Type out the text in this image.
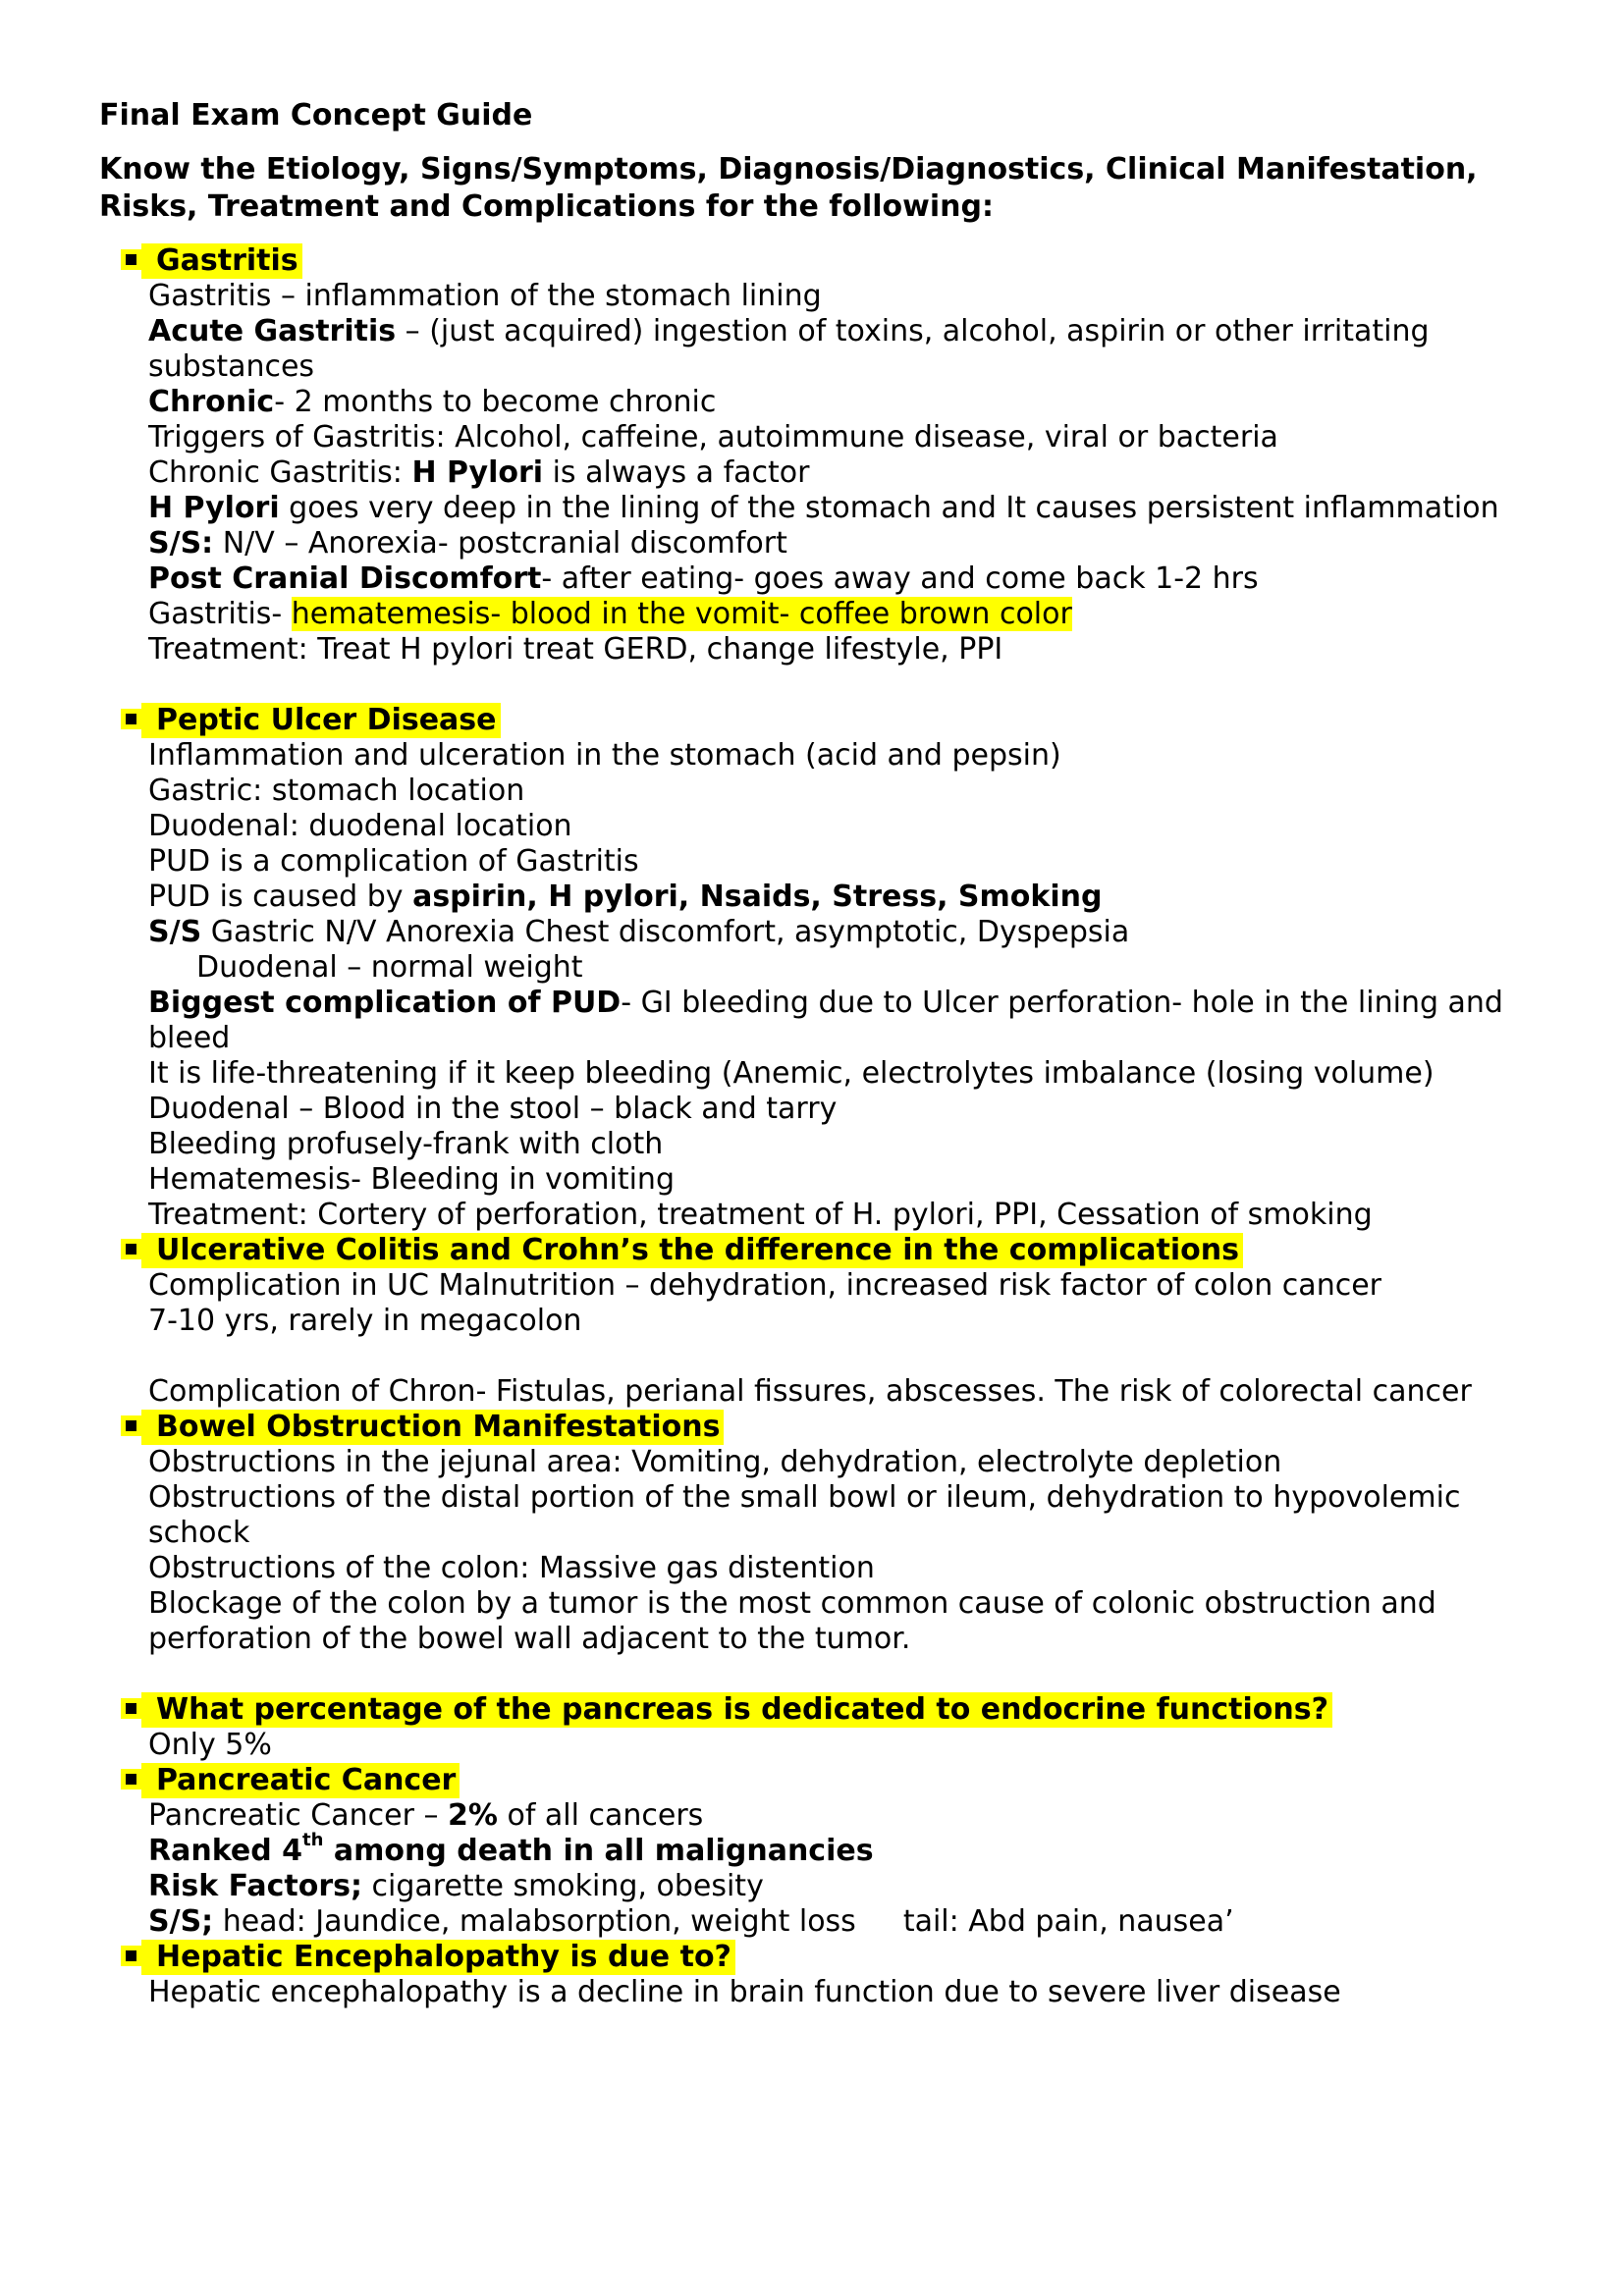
Final Exam Concept Guide
Know the Etiology, Signs/Symptoms, Diagnosis/Diagnostics, Clinical Manifestation, Risks, Treatment and Complications for the following:
Gastritis

Gastritis – inflammation of the stomach lining

Acute Gastritis – (just acquired) ingestion of toxins, alcohol, aspirin or other irritating substances

Chronic- 2 months to become chronic

Triggers of Gastritis: Alcohol, caffeine, autoimmune disease, viral or bacteria

Chronic Gastritis: H Pylori is always a factor

H Pylori goes very deep in the lining of the stomach and It causes persistent inflammation

S/S: N/V – Anorexia- postcranial discomfort

Post Cranial Discomfort- after eating- goes away and come back 1-2 hrs

Gastritis- hematemesis- blood in the vomit- coffee brown color

Treatment: Treat H pylori treat GERD, change lifestyle, PPI

Peptic Ulcer Disease

Inflammation and ulceration in the stomach (acid and pepsin)

Gastric: stomach location

Duodenal: duodenal location

PUD is a complication of Gastritis

PUD is caused by aspirin, H pylori, Nsaids, Stress, Smoking

S/S Gastric N/V Anorexia Chest discomfort, asymptotic, Dyspepsia

Duodenal – normal weight

Biggest complication of PUD- GI bleeding due to Ulcer perforation- hole in the lining and bleed

It is life-threatening if it keep bleeding (Anemic, electrolytes imbalance (losing volume)

Duodenal – Blood in the stool – black and tarry

Bleeding profusely-frank with cloth

Hematemesis- Bleeding in vomiting

Treatment: Cortery of perforation, treatment of H. pylori, PPI, Cessation of smoking

Ulcerative Colitis and Crohn’s the difference in the complications

Complication in UC Malnutrition – dehydration, increased risk factor of colon cancer

7-10 yrs, rarely in megacolon

Complication of Chron- Fistulas, perianal fissures, abscesses. The risk of colorectal cancer

Bowel Obstruction Manifestations

Obstructions in the jejunal area: Vomiting, dehydration, electrolyte depletion

Obstructions of the distal portion of the small bowl or ileum, dehydration to hypovolemic schock

Obstructions of the colon: Massive gas distention

Blockage of the colon by a tumor is the most common cause of colonic obstruction and perforation of the bowel wall adjacent to the tumor.

What percentage of the pancreas is dedicated to endocrine functions?

Only 5%

Pancreatic Cancer

Pancreatic Cancer – 2% of all cancers

Ranked 4th among death in all malignancies

Risk Factors; cigarette smoking, obesity

S/S; head: Jaundice, malabsorption, weight loss tail: Abd pain, nausea’

Hepatic Encephalopathy is due to?

Hepatic encephalopathy is a decline in brain function due to severe liver disease
